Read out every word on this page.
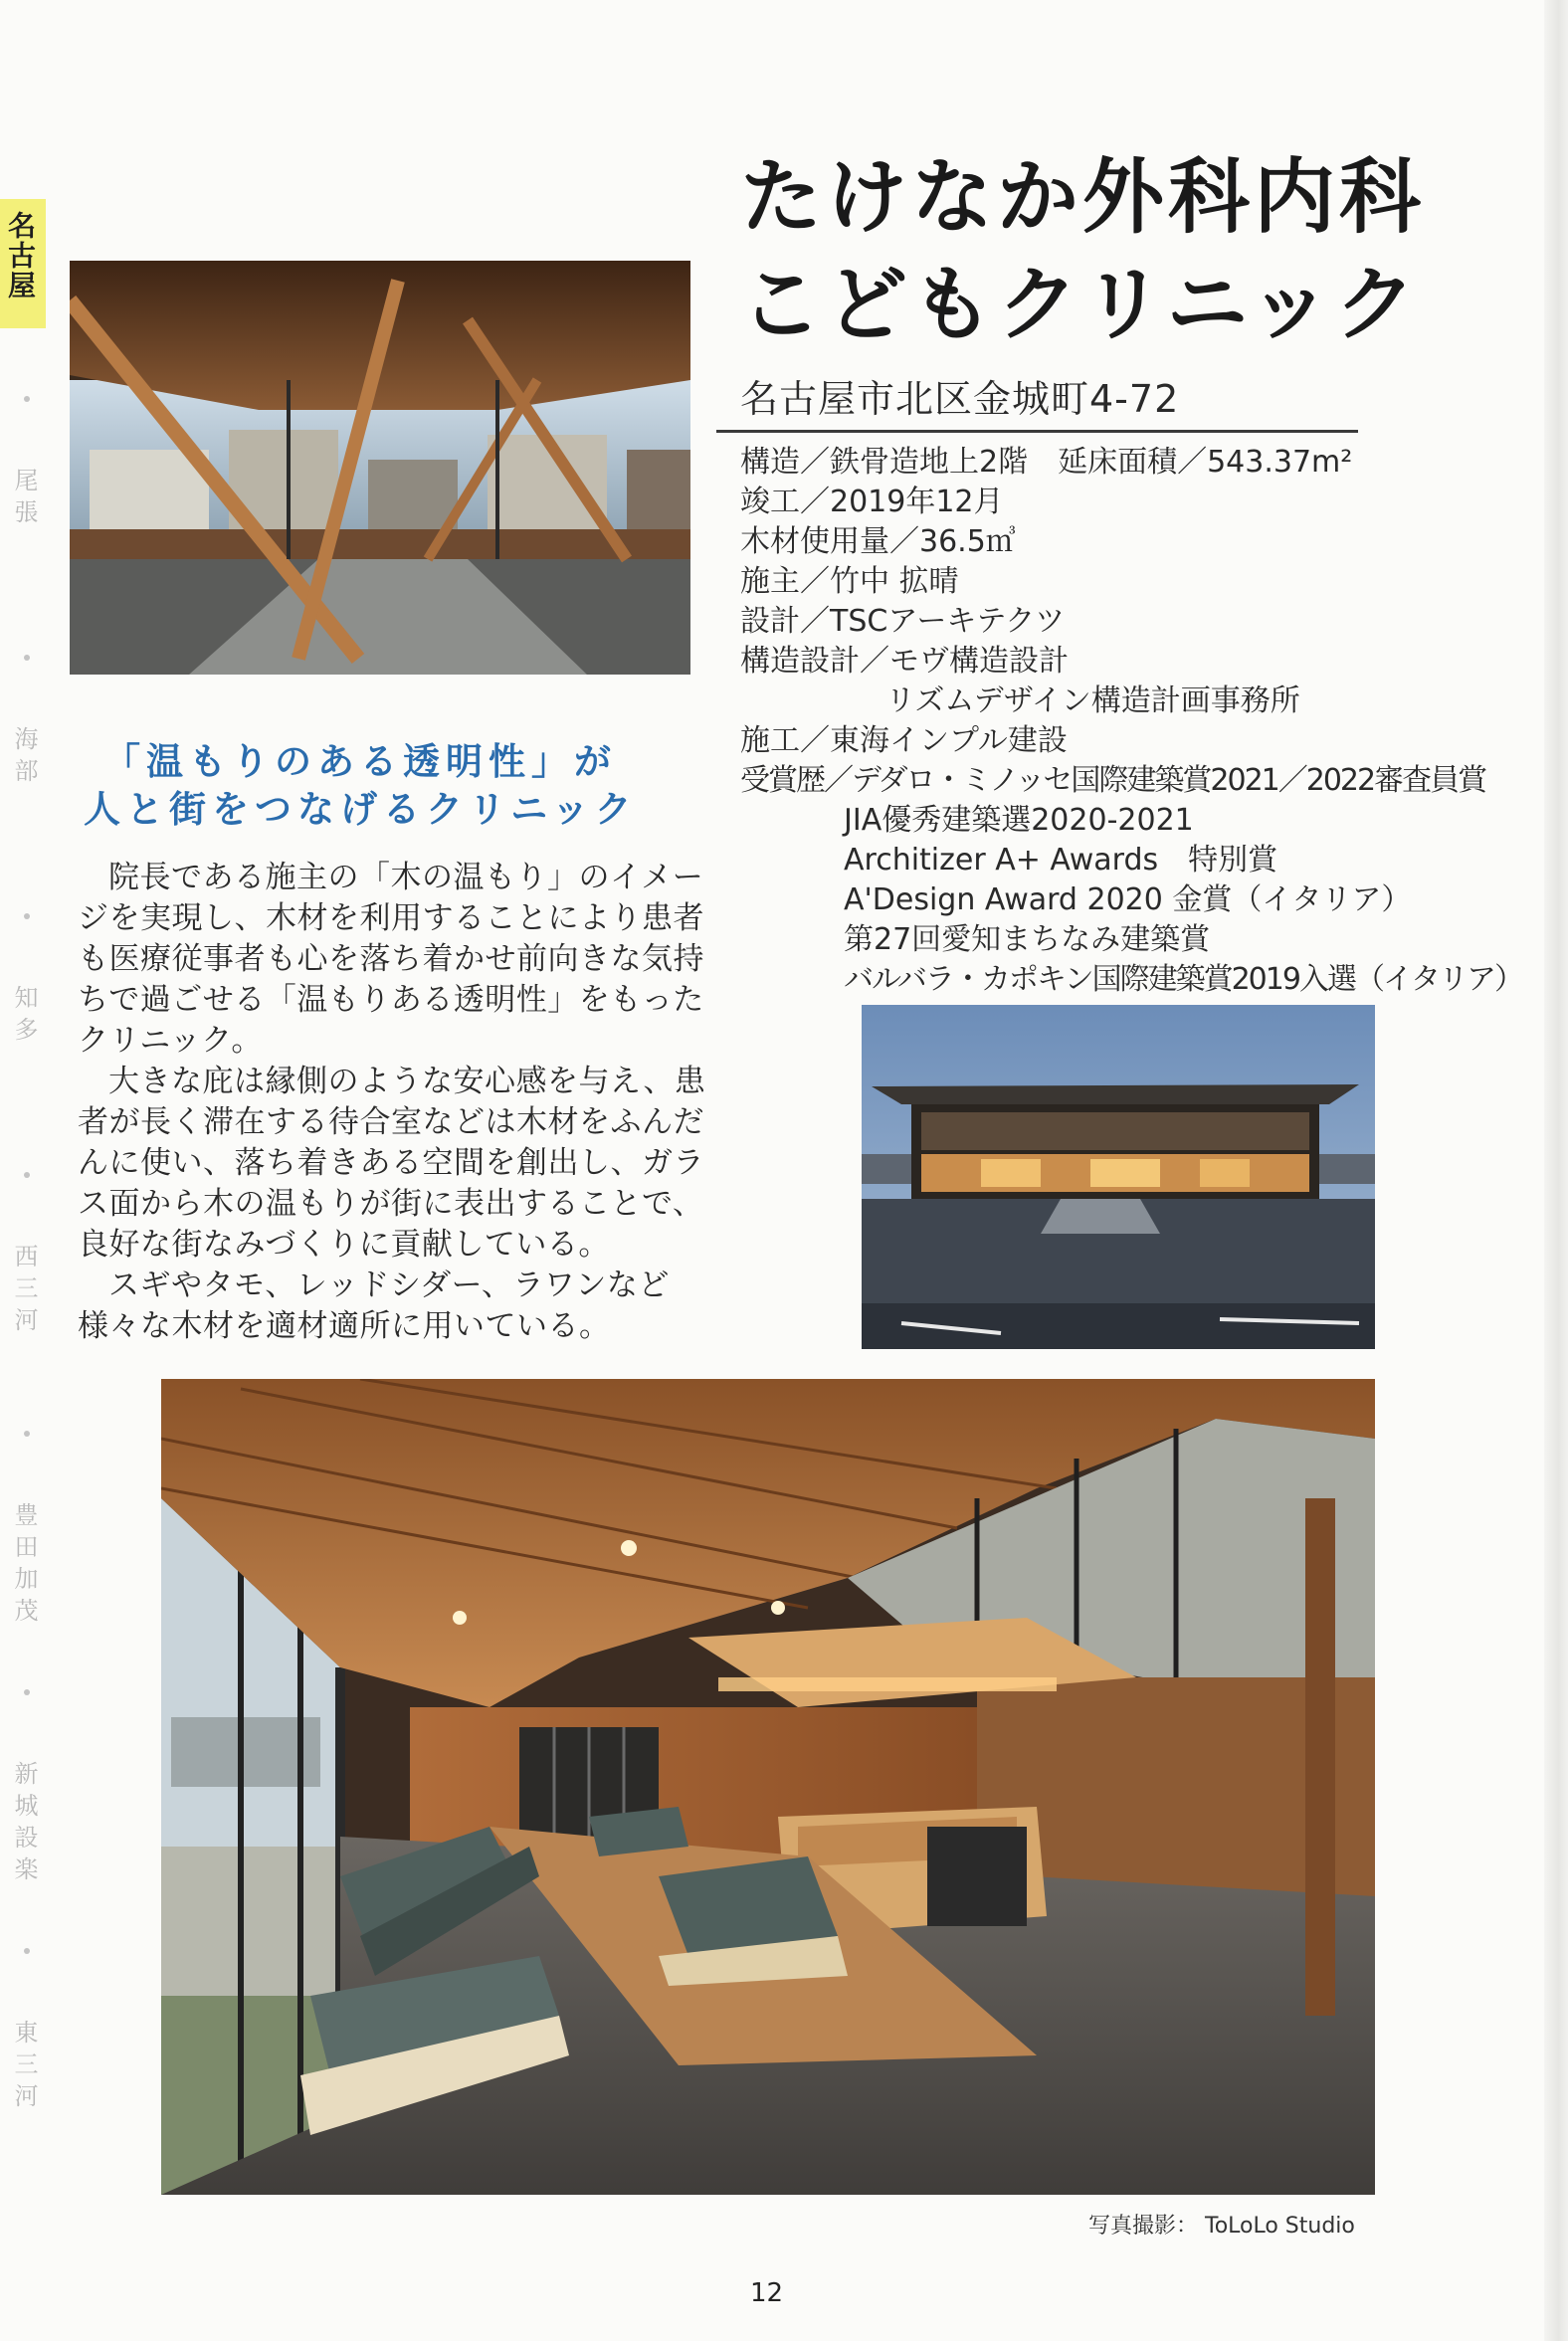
名古屋
尾張
海部
知多
西三河
豊田加茂
新城設楽
東三河
たけなか外科内科
こどもクリニック
名古屋市北区金城町4-72
構造／鉄骨造地上2階　延床面積／543.37m²
竣工／2019年12月
木材使用量／36.5㎥
施主／竹中 拡晴
設計／TSCアーキテクツ
構造設計／モヴ構造設計
リズムデザイン構造計画事務所
施工／東海インプル建設
受賞歴／デダロ・ミノッセ国際建築賞2021／2022審査員賞
JIA優秀建築選2020-2021
Architizer A+ Awards　特別賞
A'Design Award 2020 金賞（イタリア）
第27回愛知まちなみ建築賞
バルバラ・カポキン国際建築賞2019入選（イタリア）
「温もりのある透明性」が
人と街をつなげるクリニック

院長である施主の「木の温もり」のイメージを実現し、木材を利用することにより患者も医療従事者も心を落ち着かせ前向きな気持ちで過ごせる「温もりある透明性」をもったクリニック。

大きな庇は縁側のような安心感を与え、患者が長く滞在する待合室などは木材をふんだんに使い、落ち着きある空間を創出し、ガラス面から木の温もりが街に表出することで、良好な街なみづくりに貢献している。

スギやタモ、レッドシダー、ラワンなど様々な木材を適材適所に用いている。

写真撮影： ToLoLo Studio
12
